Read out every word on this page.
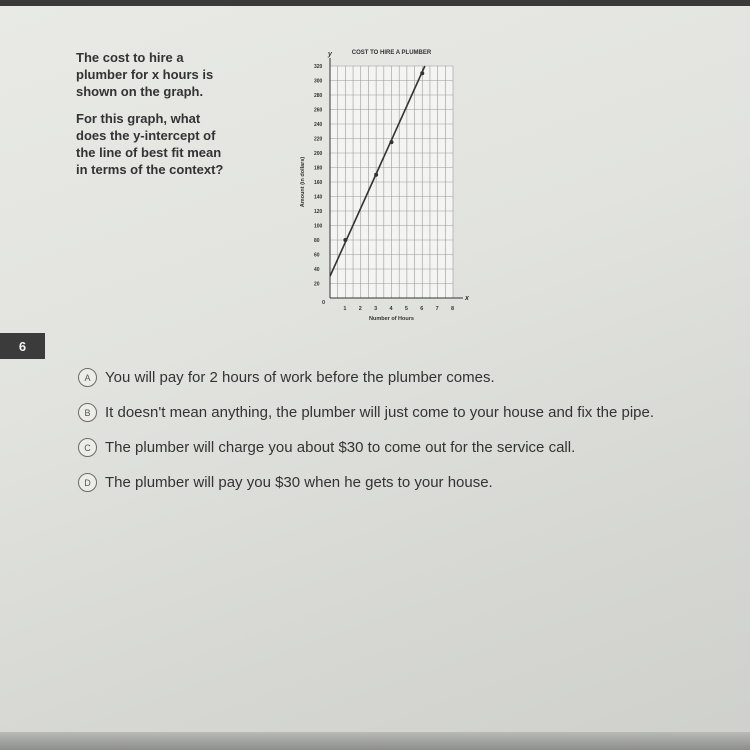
The cost to hire a plumber for x hours is shown on the graph.

For this graph, what does the y-intercept of the line of best fit mean in terms of the context?

x
y
0
1 2 3 4 5 6 7 8
20
40
60
80
100
120
140
160
180
200
220
240
260
280
300
320
COST TO HIRE A PLUMBER
Number of Hours
Amount (in dollars)
6
A You will pay for 2 hours of work before the plumber comes.
B It doesn't mean anything, the plumber will just come to your house and fix the pipe.
C The plumber will charge you about $30 to come out for the service call.
D The plumber will pay you $30 when he gets to your house.
